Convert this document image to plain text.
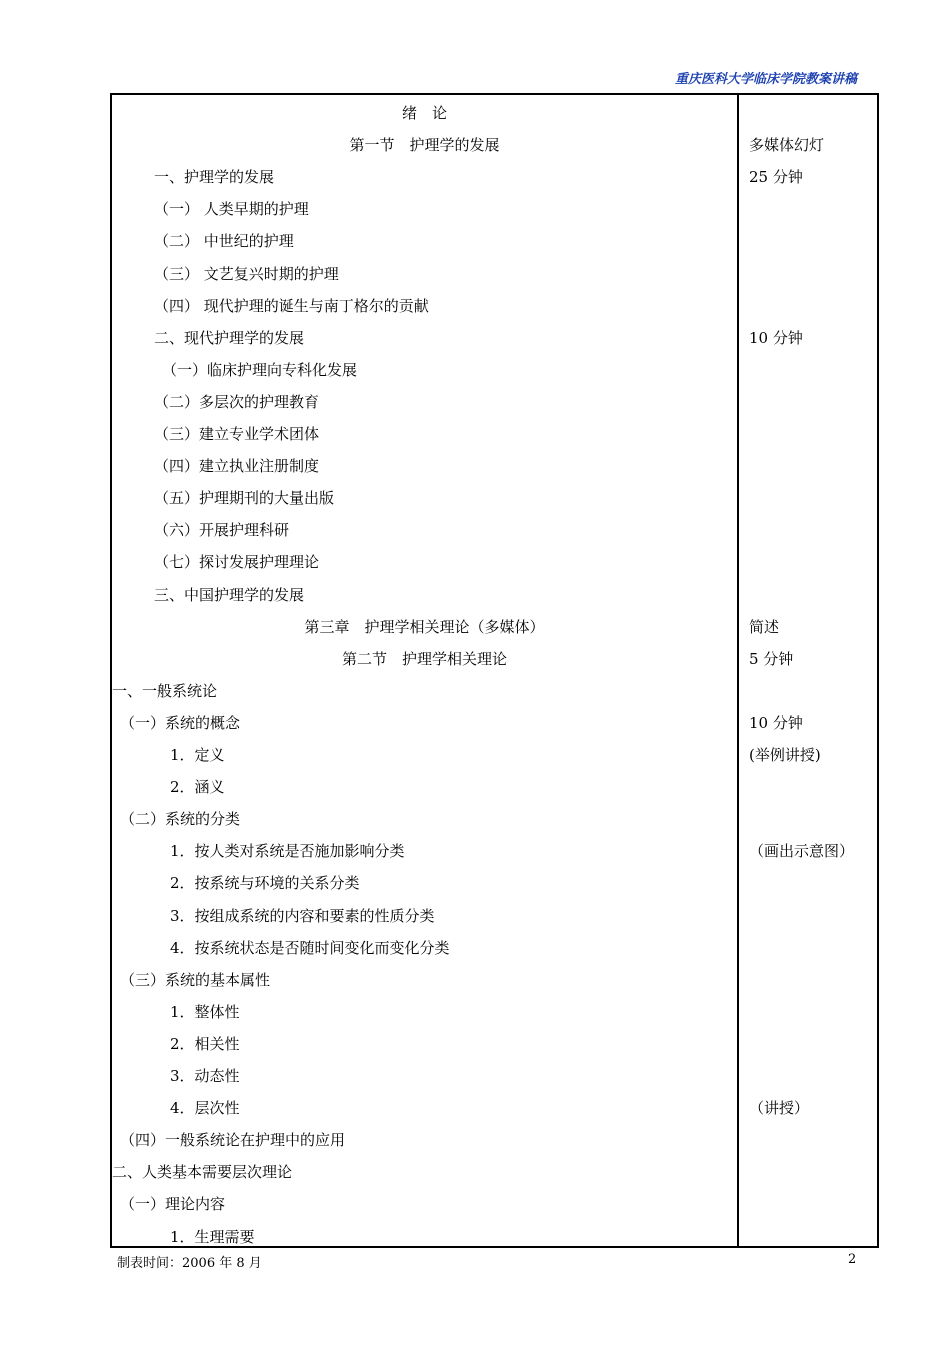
重庆医科大学临床学院教案讲稿
绪　论
第一节　护理学的发展	多媒体幻灯
一、护理学的发展	25 分钟
（一） 人类早期的护理
（二） 中世纪的护理
（三） 文艺复兴时期的护理
（四） 现代护理的诞生与南丁格尔的贡献
二、现代护理学的发展	10 分钟
（一）临床护理向专科化发展
（二）多层次的护理教育
（三）建立专业学术团体
（四）建立执业注册制度
（五）护理期刊的大量出版
（六）开展护理科研
（七）探讨发展护理理论
三、中国护理学的发展
第三章　护理学相关理论（多媒体）	简述
第二节　护理学相关理论	5 分钟
一、一般系统论
（一）系统的概念	10 分钟
1．定义	(举例讲授)
2．涵义
（二）系统的分类
1．按人类对系统是否施加影响分类	（画出示意图）
2．按系统与环境的关系分类
3．按组成系统的内容和要素的性质分类
4．按系统状态是否随时间变化而变化分类
（三）系统的基本属性
1．整体性
2．相关性
3．动态性
4．层次性	（讲授）
（四）一般系统论在护理中的应用
二、人类基本需要层次理论
（一）理论内容
1．生理需要
制表时间：2006 年 8 月	2
